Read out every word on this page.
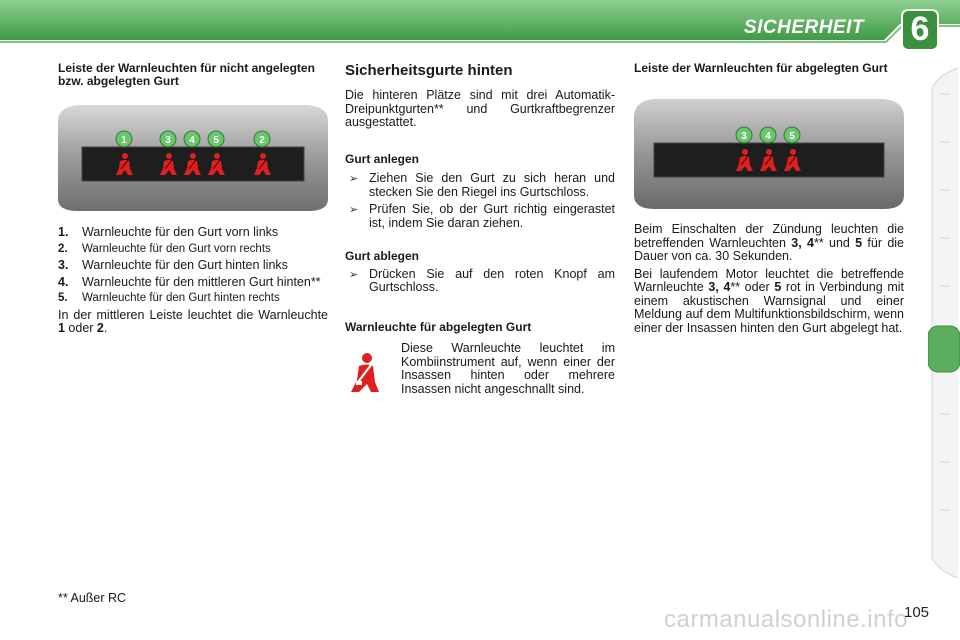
SICHERHEIT	6
Leiste der Warnleuchten für nicht angelegten bzw. abgelegten Gurt
1	3 4 5	2
1.	Warnleuchte für den Gurt vorn links
2.	Warnleuchte für den Gurt vorn rechts
3.	Warnleuchte für den Gurt hinten links
4.	Warnleuchte für den mittleren Gurt hinten**
5.	Warnleuchte für den Gurt hinten rechts
In der mittleren Leiste leuchtet die Warnleuchte 1 oder 2.
Sicherheitsgurte hinten
Die hinteren Plätze sind mit drei Automatik-Dreipunktgurten** und Gurtkraftbegrenzer ausgestattet.
Gurt anlegen
➢ Ziehen Sie den Gurt zu sich heran und stecken Sie den Riegel ins Gurtschloss.
➢ Prüfen Sie, ob der Gurt richtig eingerastet ist, indem Sie daran ziehen.
Gurt ablegen
➢ Drücken Sie auf den roten Knopf am Gurtschloss.
Warnleuchte für abgelegten Gurt
Diese Warnleuchte leuchtet im Kombiinstrument auf, wenn einer der Insassen hinten oder mehrere Insassen nicht angeschnallt sind.
Leiste der Warnleuchten für abgelegten Gurt
3 4 5
Beim Einschalten der Zündung leuchten die betreffenden Warnleuchten 3, 4** und 5 für die Dauer von ca. 30 Sekunden.
Bei laufendem Motor leuchtet die betreffende Warnleuchte 3, 4** oder 5 rot in Verbindung mit einem akustischen Warnsignal und einer Meldung auf dem Multifunktionsbildschirm, wenn einer der Insassen hinten den Gurt abgelegt hat.
** Außer RC
carmanualsonline.info
105
